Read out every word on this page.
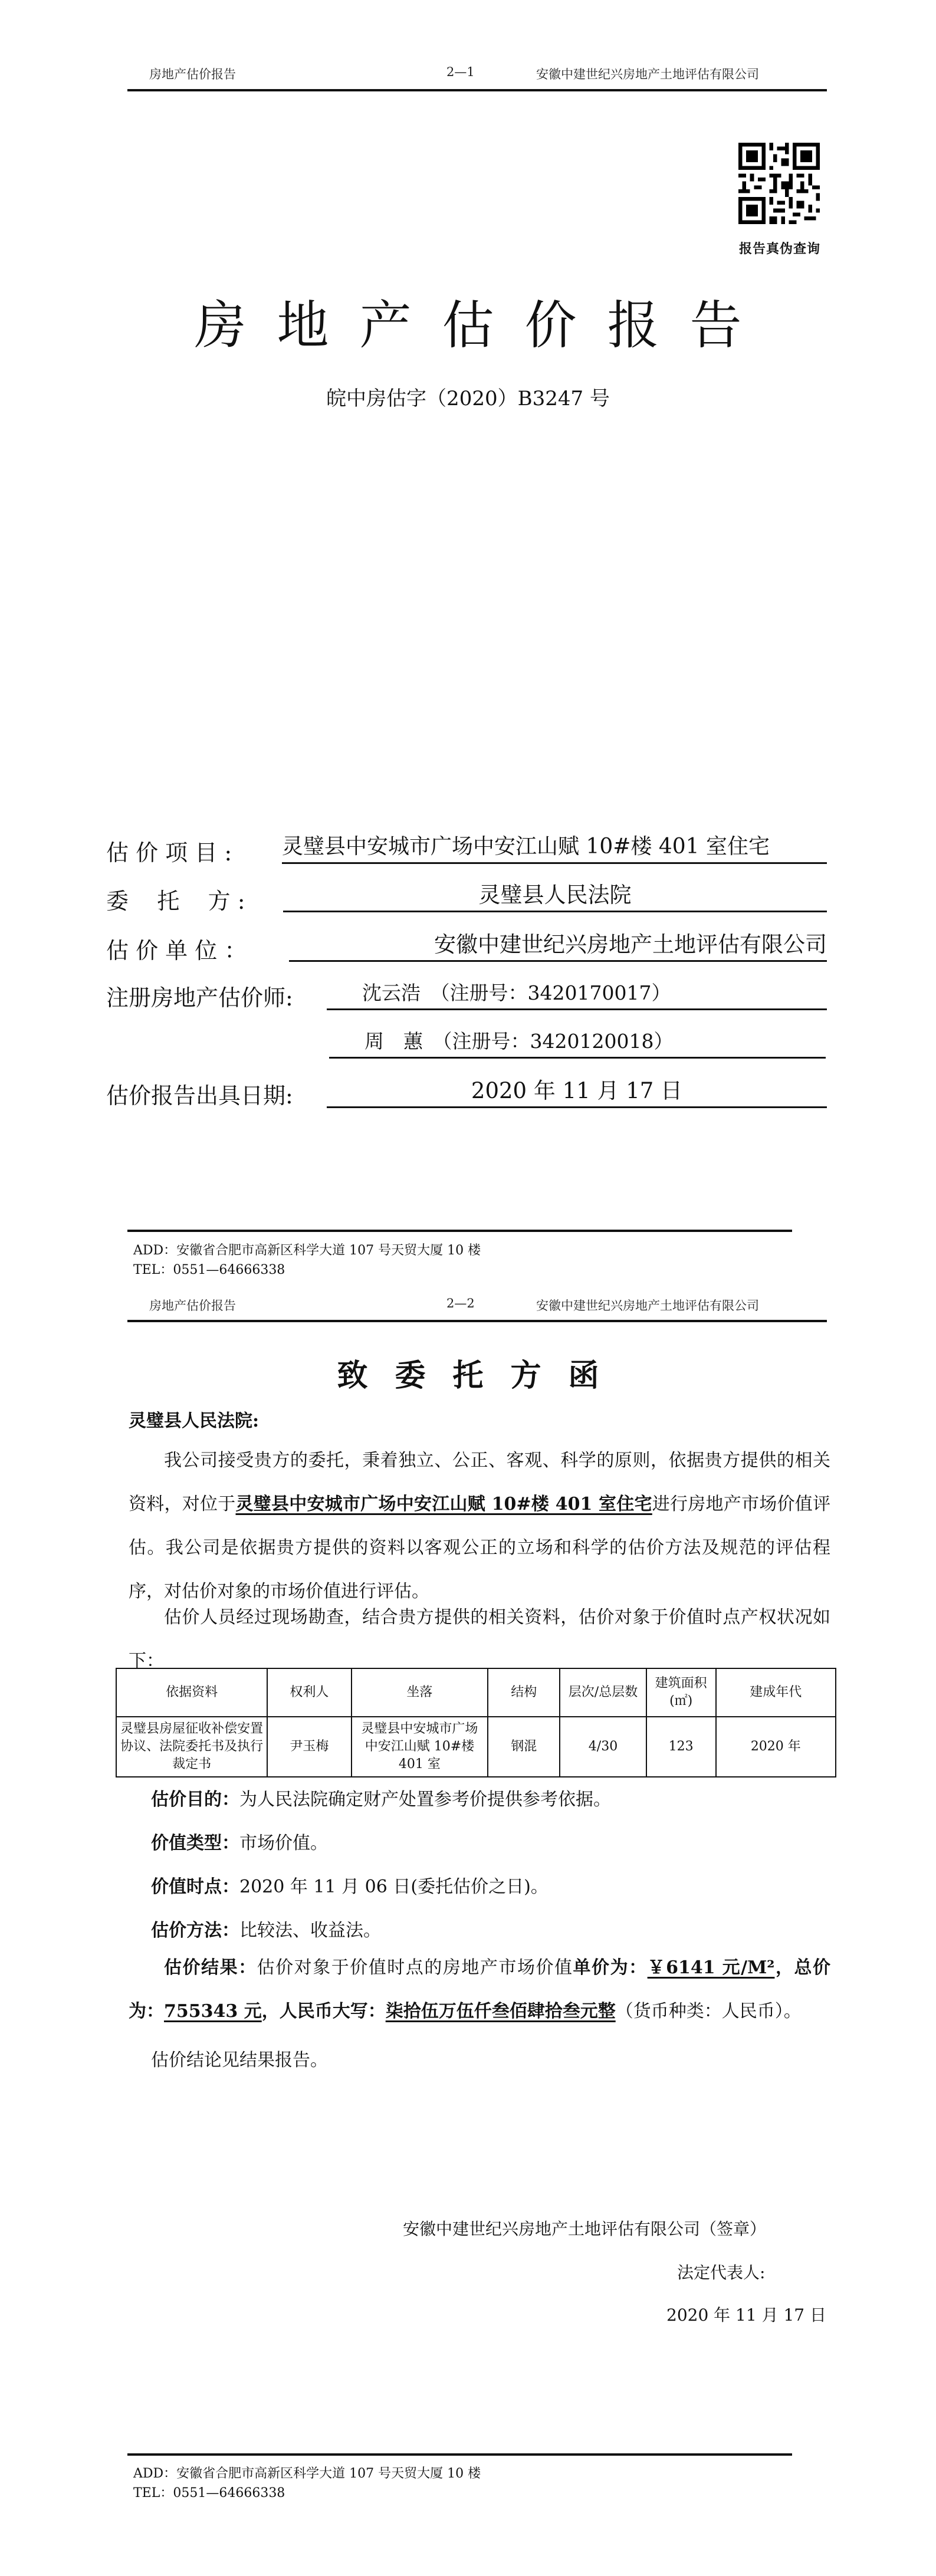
房地产估价报告	2—1	安徽中建世纪兴房地产土地评估有限公司
报告真伪查询
房地产估价报告
皖中房估字（2020）B3247 号
估 价 项 目 : 灵璧县中安城市广场中安江山赋 10#楼 401 室住宅
委    托    方 :	灵璧县人民法院
估 价 单 位 ：	安徽中建世纪兴房地产土地评估有限公司
注册房地产估价师:	沈云浩　（注册号：3420170017）
周　蕙　（注册号：3420120018）
估价报告出具日期:	2020 年 11 月 17 日
ADD：安徽省合肥市高新区科学大道 107 号天贸大厦 10 楼
TEL：0551—64666338
房地产估价报告	2—2	安徽中建世纪兴房地产土地评估有限公司
致委托方函
灵璧县人民法院:
我公司接受贵方的委托，秉着独立、公正、客观、科学的原则，依据贵方提供的相关资料，对位于灵璧县中安城市广场中安江山赋 10#楼 401 室住宅进行房地产市场价值评估。我公司是依据贵方提供的资料以客观公正的立场和科学的估价方法及规范的评估程序，对估价对象的市场价值进行评估。
估价人员经过现场勘查，结合贵方提供的相关资料，估价对象于价值时点产权状况如下：
依据资料	权利人	坐落	结构	层次/总层数	建筑面积(㎡)	建成年代
灵璧县房屋征收补偿安置协议、法院委托书及执行裁定书	尹玉梅	灵璧县中安城市广场中安江山赋 10#楼 401 室	钢混	4/30	123	2020 年
估价目的：为人民法院确定财产处置参考价提供参考依据。
价值类型：市场价值。
价值时点：2020 年 11 月 06 日(委托估价之日)。
估价方法：比较法、收益法。
估价结果：估价对象于价值时点的房地产市场价值单价为：￥6141 元/M²，总价为：755343 元，人民币大写：柒拾伍万伍仟叁佰肆拾叁元整（货币种类：人民币）。
估价结论见结果报告。
安徽中建世纪兴房地产土地评估有限公司（签章）
法定代表人:
2020 年 11 月 17 日
ADD：安徽省合肥市高新区科学大道 107 号天贸大厦 10 楼
TEL：0551—64666338
